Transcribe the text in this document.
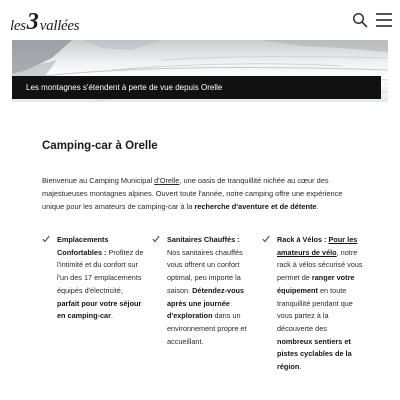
les 3 vallées
Les montagnes s'étendent à perte de vue depuis Orelle
Camping-car à Orelle

Bienvenue au Camping Municipal d'Orelle, une oasis de tranquillité nichée au cœur des majestueuses montagnes alpines. Ouvert toute l'année, notre camping offre une expérience unique pour les amateurs de camping-car à la recherche d'aventure et de détente.

Emplacements Confortables : Profitez de l'intimité et du confort sur l'un des 17 emplacements équipés d'électricité, parfait pour votre séjour en camping-car.
Sanitaires Chauffés : Nos sanitaires chauffés vous offrent un confort optimal, peu importe la saison. Détendez-vous après une journée d'exploration dans un environnement propre et accueillant.
Rack à Vélos : Pour les amateurs de vélo, notre rack à vélos sécurisé vous permet de ranger votre équipement en toute tranquillité pendant que vous partez à la découverte des nombreux sentiers et pistes cyclables de la région.
